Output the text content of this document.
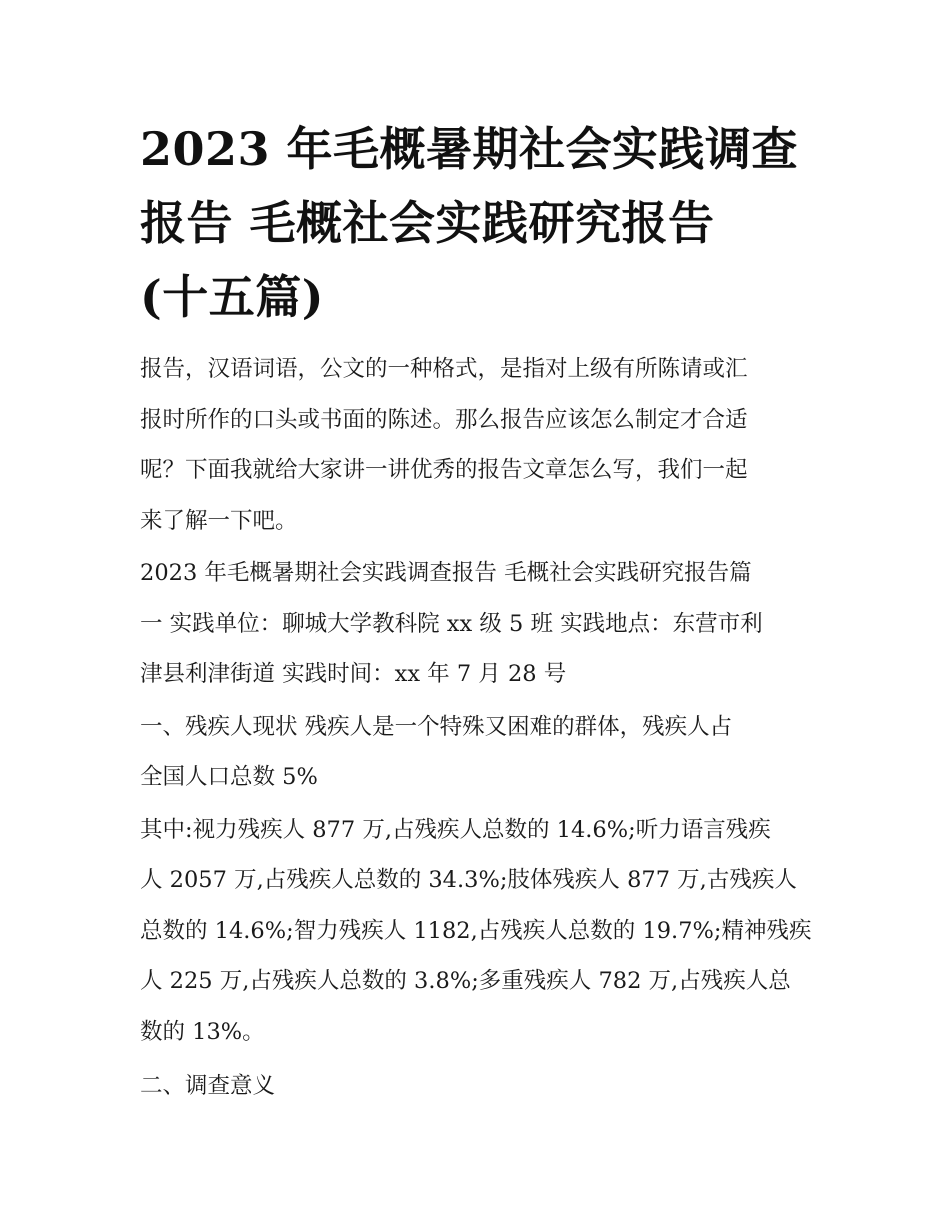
2023 年毛概暑期社会实践调查
报告 毛概社会实践研究报告
(十五篇)

报告，汉语词语，公文的一种格式，是指对上级有所陈请或汇
报时所作的口头或书面的陈述。那么报告应该怎么制定才合适
呢？下面我就给大家讲一讲优秀的报告文章怎么写，我们一起
来了解一下吧。

2023 年毛概暑期社会实践调查报告 毛概社会实践研究报告篇
一 实践单位：聊城大学教科院 xx 级 5 班 实践地点：东营市利
津县利津街道 实践时间：xx 年 7 月 28 号

一、残疾人现状 残疾人是一个特殊又困难的群体，残疾人占
全国人口总数 5%

其中:视力残疾人 877 万,占残疾人总数的 14.6%;听力语言残疾
人 2057 万,占残疾人总数的 34.3%;肢体残疾人 877 万,古残疾人
总数的 14.6%;智力残疾人 1182,占残疾人总数的 19.7%;精神残疾
人 225 万,占残疾人总数的 3.8%;多重残疾人 782 万,占残疾人总
数的 13%。

二、调查意义
